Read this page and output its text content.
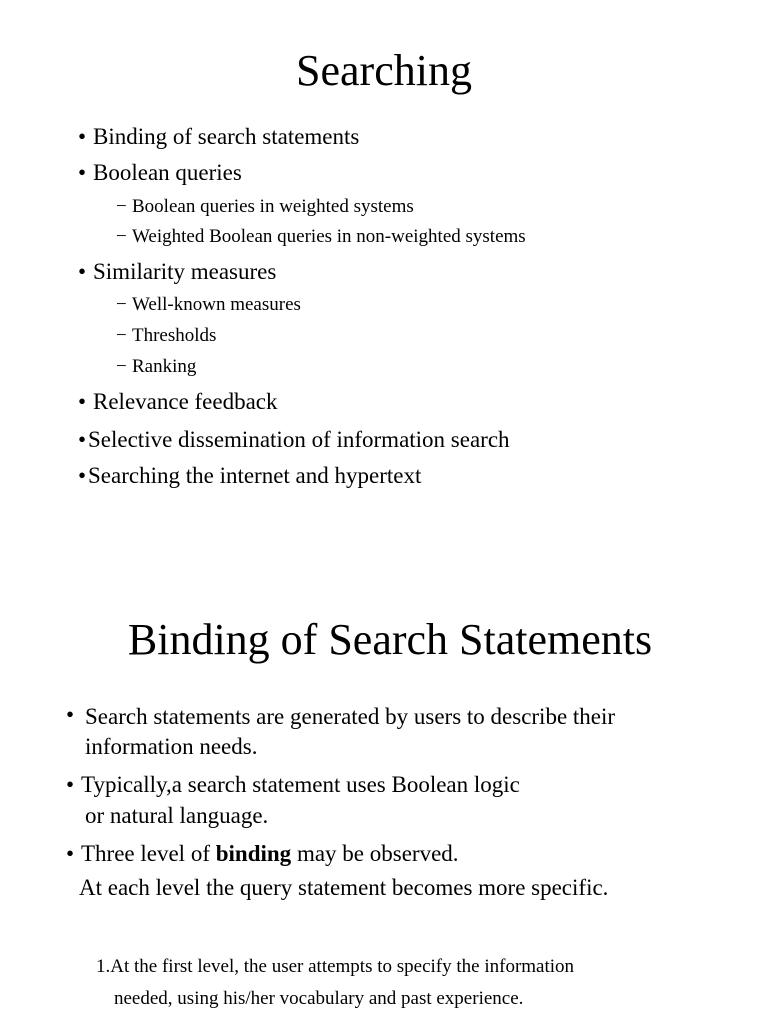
Searching
• Binding of search statements
• Boolean queries
− Boolean queries in weighted systems
− Weighted Boolean queries in non-weighted systems
• Similarity measures
− Well-known measures
− Thresholds
− Ranking
• Relevance feedback
• Selective dissemination of information search
• Searching the internet and hypertext
Binding of Search Statements
• Search statements are generated by users to describe their
information needs.
• Typically,a search statement uses Boolean logic
or natural language.
• Three level of binding may be observed.
At each level the query statement becomes more specific.
1.At the first level, the user attempts to specify the information
needed, using his/her vocabulary and past experience.
